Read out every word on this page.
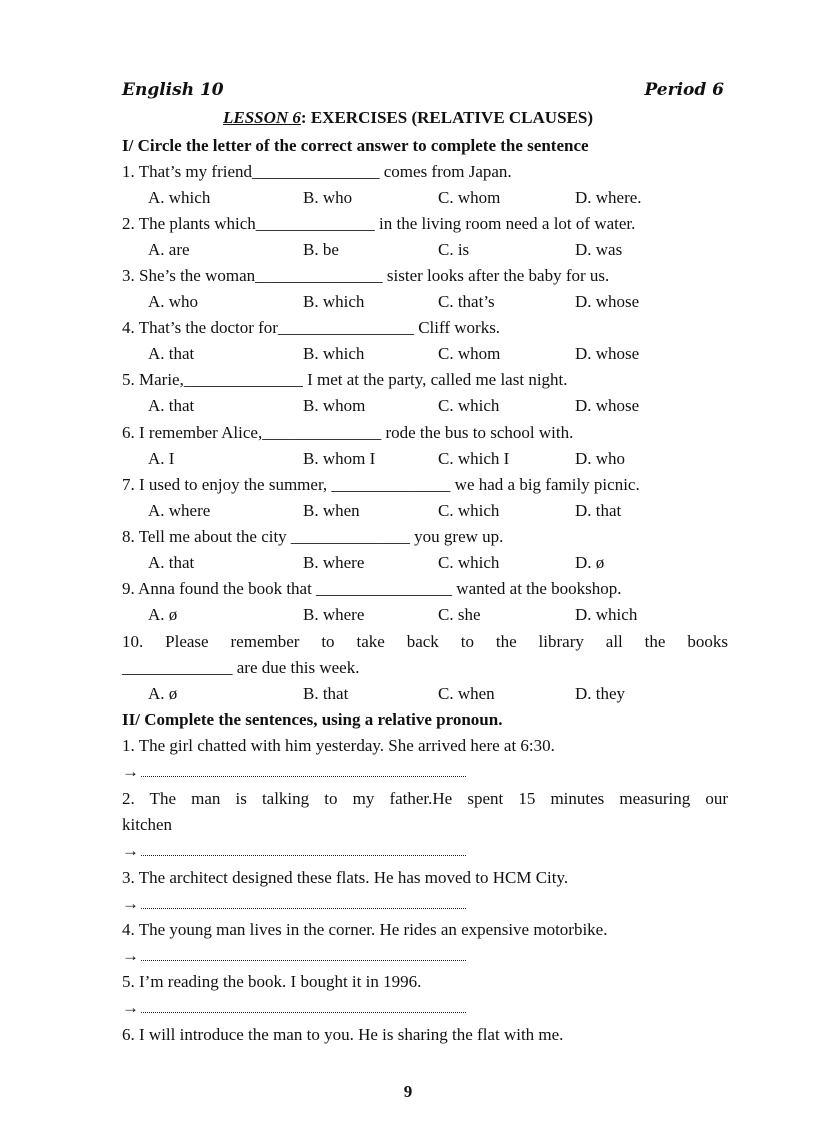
English 10	Period 6
LESSON 6: EXERCISES (RELATIVE CLAUSES)
I/ Circle the letter of the correct answer to complete the sentence
1. That’s my friend_______________ comes from Japan.
A. which	B. who	C. whom	D. where.
2. The plants which______________ in the living room need a lot of water.
A. are	B. be	C. is	D. was
3. She’s the woman_______________ sister looks after the baby for us.
A. who	B. which	C. that’s	D. whose
4. That’s the doctor for________________ Cliff works.
A. that	B. which	C. whom	D. whose
5. Marie,______________ I met at the party, called me last night.
A. that	B. whom	C. which	D. whose
6. I remember Alice,______________ rode the bus to school with.
A. I	B. whom I	C. which I	D. who
7. I used to enjoy the summer, ______________ we had a big family picnic.
A. where	B. when	C. which	D. that
8. Tell me about the city ______________ you grew up.
A. that	B. where	C. which	D. ø
9. Anna found the book that ________________ wanted at the bookshop.
A. ø	B. where	C. she	D. which
10. Please remember to take back to the library all the books
_____________ are due this week.
A. ø	B. that	C. when	D. they
II/ Complete the sentences, using a relative pronoun.
1. The girl chatted with him yesterday. She arrived here at 6:30.
→
2. The man is talking to my father.He spent 15 minutes measuring our
kitchen
→
3. The architect designed these flats. He has moved to HCM City.
→
4. The young man lives in the corner. He rides an expensive motorbike.
→
5. I’m reading the book. I bought it in 1996.
→
6. I will introduce the man to you. He is sharing the flat with me.
9
